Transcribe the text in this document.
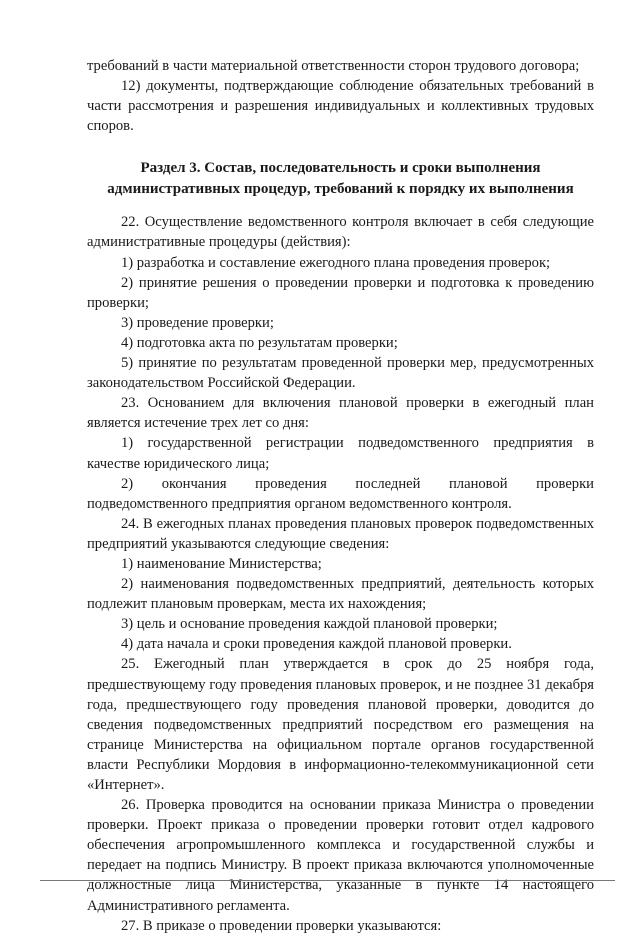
требований в части материальной ответственности сторон трудового договора;

12) документы, подтверждающие соблюдение обязательных требований в части рассмотрения и разрешения индивидуальных и коллективных трудовых споров.

Раздел 3. Состав, последовательность и сроки выполнения административных процедур, требований к порядку их выполнения

22. Осуществление ведомственного контроля включает в себя следующие административные процедуры (действия):

1) разработка и составление ежегодного плана проведения проверок;

2) принятие решения о проведении проверки и подготовка к проведению проверки;

3) проведение проверки;

4) подготовка акта по результатам проверки;

5) принятие по результатам проведенной проверки мер, предусмотренных законодательством Российской Федерации.

23. Основанием для включения плановой проверки в ежегодный план является истечение трех лет со дня:

1) государственной регистрации подведомственного предприятия в качестве юридического лица;

2) окончания проведения последней плановой проверки подведомственного предприятия органом ведомственного контроля.

24. В ежегодных планах проведения плановых проверок подведомственных предприятий указываются следующие сведения:

1) наименование Министерства;

2) наименования подведомственных предприятий, деятельность которых подлежит плановым проверкам, места их нахождения;

3) цель и основание проведения каждой плановой проверки;

4) дата начала и сроки проведения каждой плановой проверки.

25. Ежегодный план утверждается в срок до 25 ноября года, предшествующему году проведения плановых проверок, и не позднее 31 декабря года, предшествующего году проведения плановой проверки, доводится до сведения подведомственных предприятий посредством его размещения на странице Министерства на официальном портале органов государственной власти Республики Мордовия в информационно-телекоммуникационной сети «Интернет».

26. Проверка проводится на основании приказа Министра о проведении проверки. Проект приказа о проведении проверки готовит отдел кадрового обеспечения агропромышленного комплекса и государственной службы и передает на подпись Министру. В проект приказа включаются уполномоченные должностные лица Министерства, указанные в пункте 14 настоящего Административного регламента.

27. В приказе о проведении проверки указываются:
